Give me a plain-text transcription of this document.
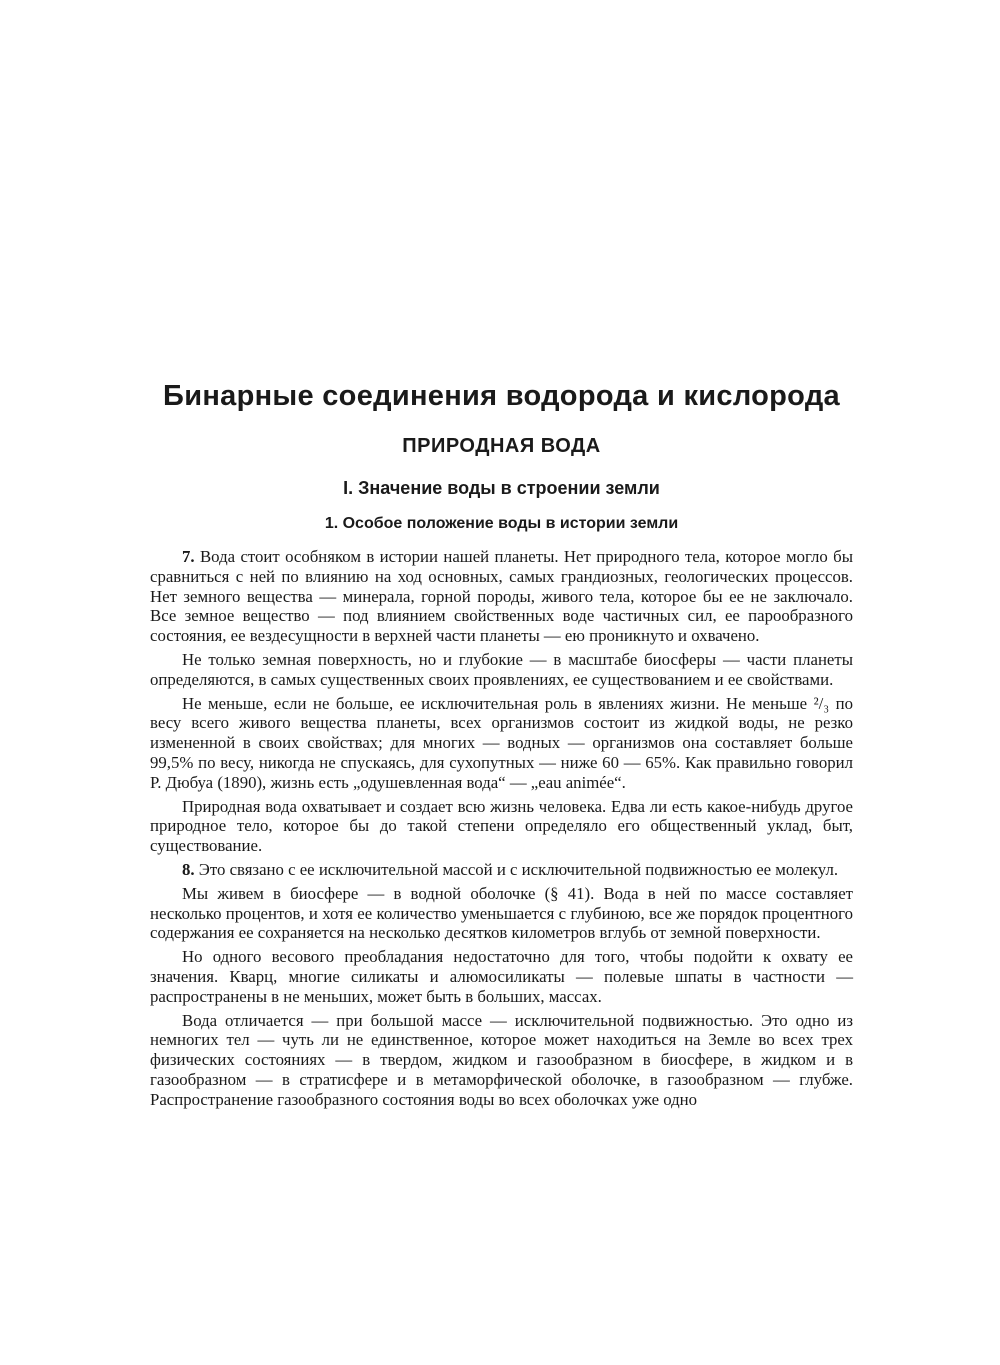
Бинарные соединения водорода и кислорода
ПРИРОДНАЯ ВОДА
I. Значение воды в строении земли
1. Особое положение воды в истории земли

7. Вода стоит особняком в истории нашей планеты. Нет природного тела, которое могло бы сравниться с ней по влиянию на ход основных, самых грандиозных, геологических процессов. Нет земного вещества — минерала, горной породы, живого тела, которое бы ее не заключало. Все земное вещество — под влиянием свойственных воде частичных сил, ее парообразного состояния, ее вездесущности в верхней части планеты — ею проникнуто и охвачено.

Не только земная поверхность, но и глубокие — в масштабе биосферы — части планеты определяются, в самых существенных своих проявлениях, ее существованием и ее свойствами.

Не меньше, если не больше, ее исключительная роль в явлениях жизни. Не меньше ²/₃ по весу всего живого вещества планеты, всех организмов состоит из жидкой воды, не резко измененной в своих свойствах; для многих — водных — организмов она составляет больше 99,5% по весу, никогда не спускаясь, для сухопутных — ниже 60 — 65%. Как правильно говорил Р. Дюбуа (1890), жизнь есть „одушевленная вода“ — „eau animée“.

Природная вода охватывает и создает всю жизнь человека. Едва ли есть какое-нибудь другое природное тело, которое бы до такой степени определяло его общественный уклад, быт, существование.

8. Это связано с ее исключительной массой и с исключительной подвижностью ее молекул.

Мы живем в биосфере — в водной оболочке (§ 41). Вода в ней по массе составляет несколько процентов, и хотя ее количество уменьшается с глубиною, все же порядок процентного содержания ее сохраняется на несколько десятков километров вглубь от земной поверхности.

Но одного весового преобладания недостаточно для того, чтобы подойти к охвату ее значения. Кварц, многие силикаты и алюмосиликаты — полевые шпаты в частности — распространены в не меньших, может быть в больших, массах.

Вода отличается — при большой массе — исключительной подвижностью. Это одно из немногих тел — чуть ли не единственное, которое может находиться на Земле во всех трех физических состояниях — в твердом, жидком и газообразном в биосфере, в жидком и в газообразном — в стратисфере и в метаморфической оболочке, в газообразном — глубже. Распространение газообразного состояния воды во всех оболочках уже одно
